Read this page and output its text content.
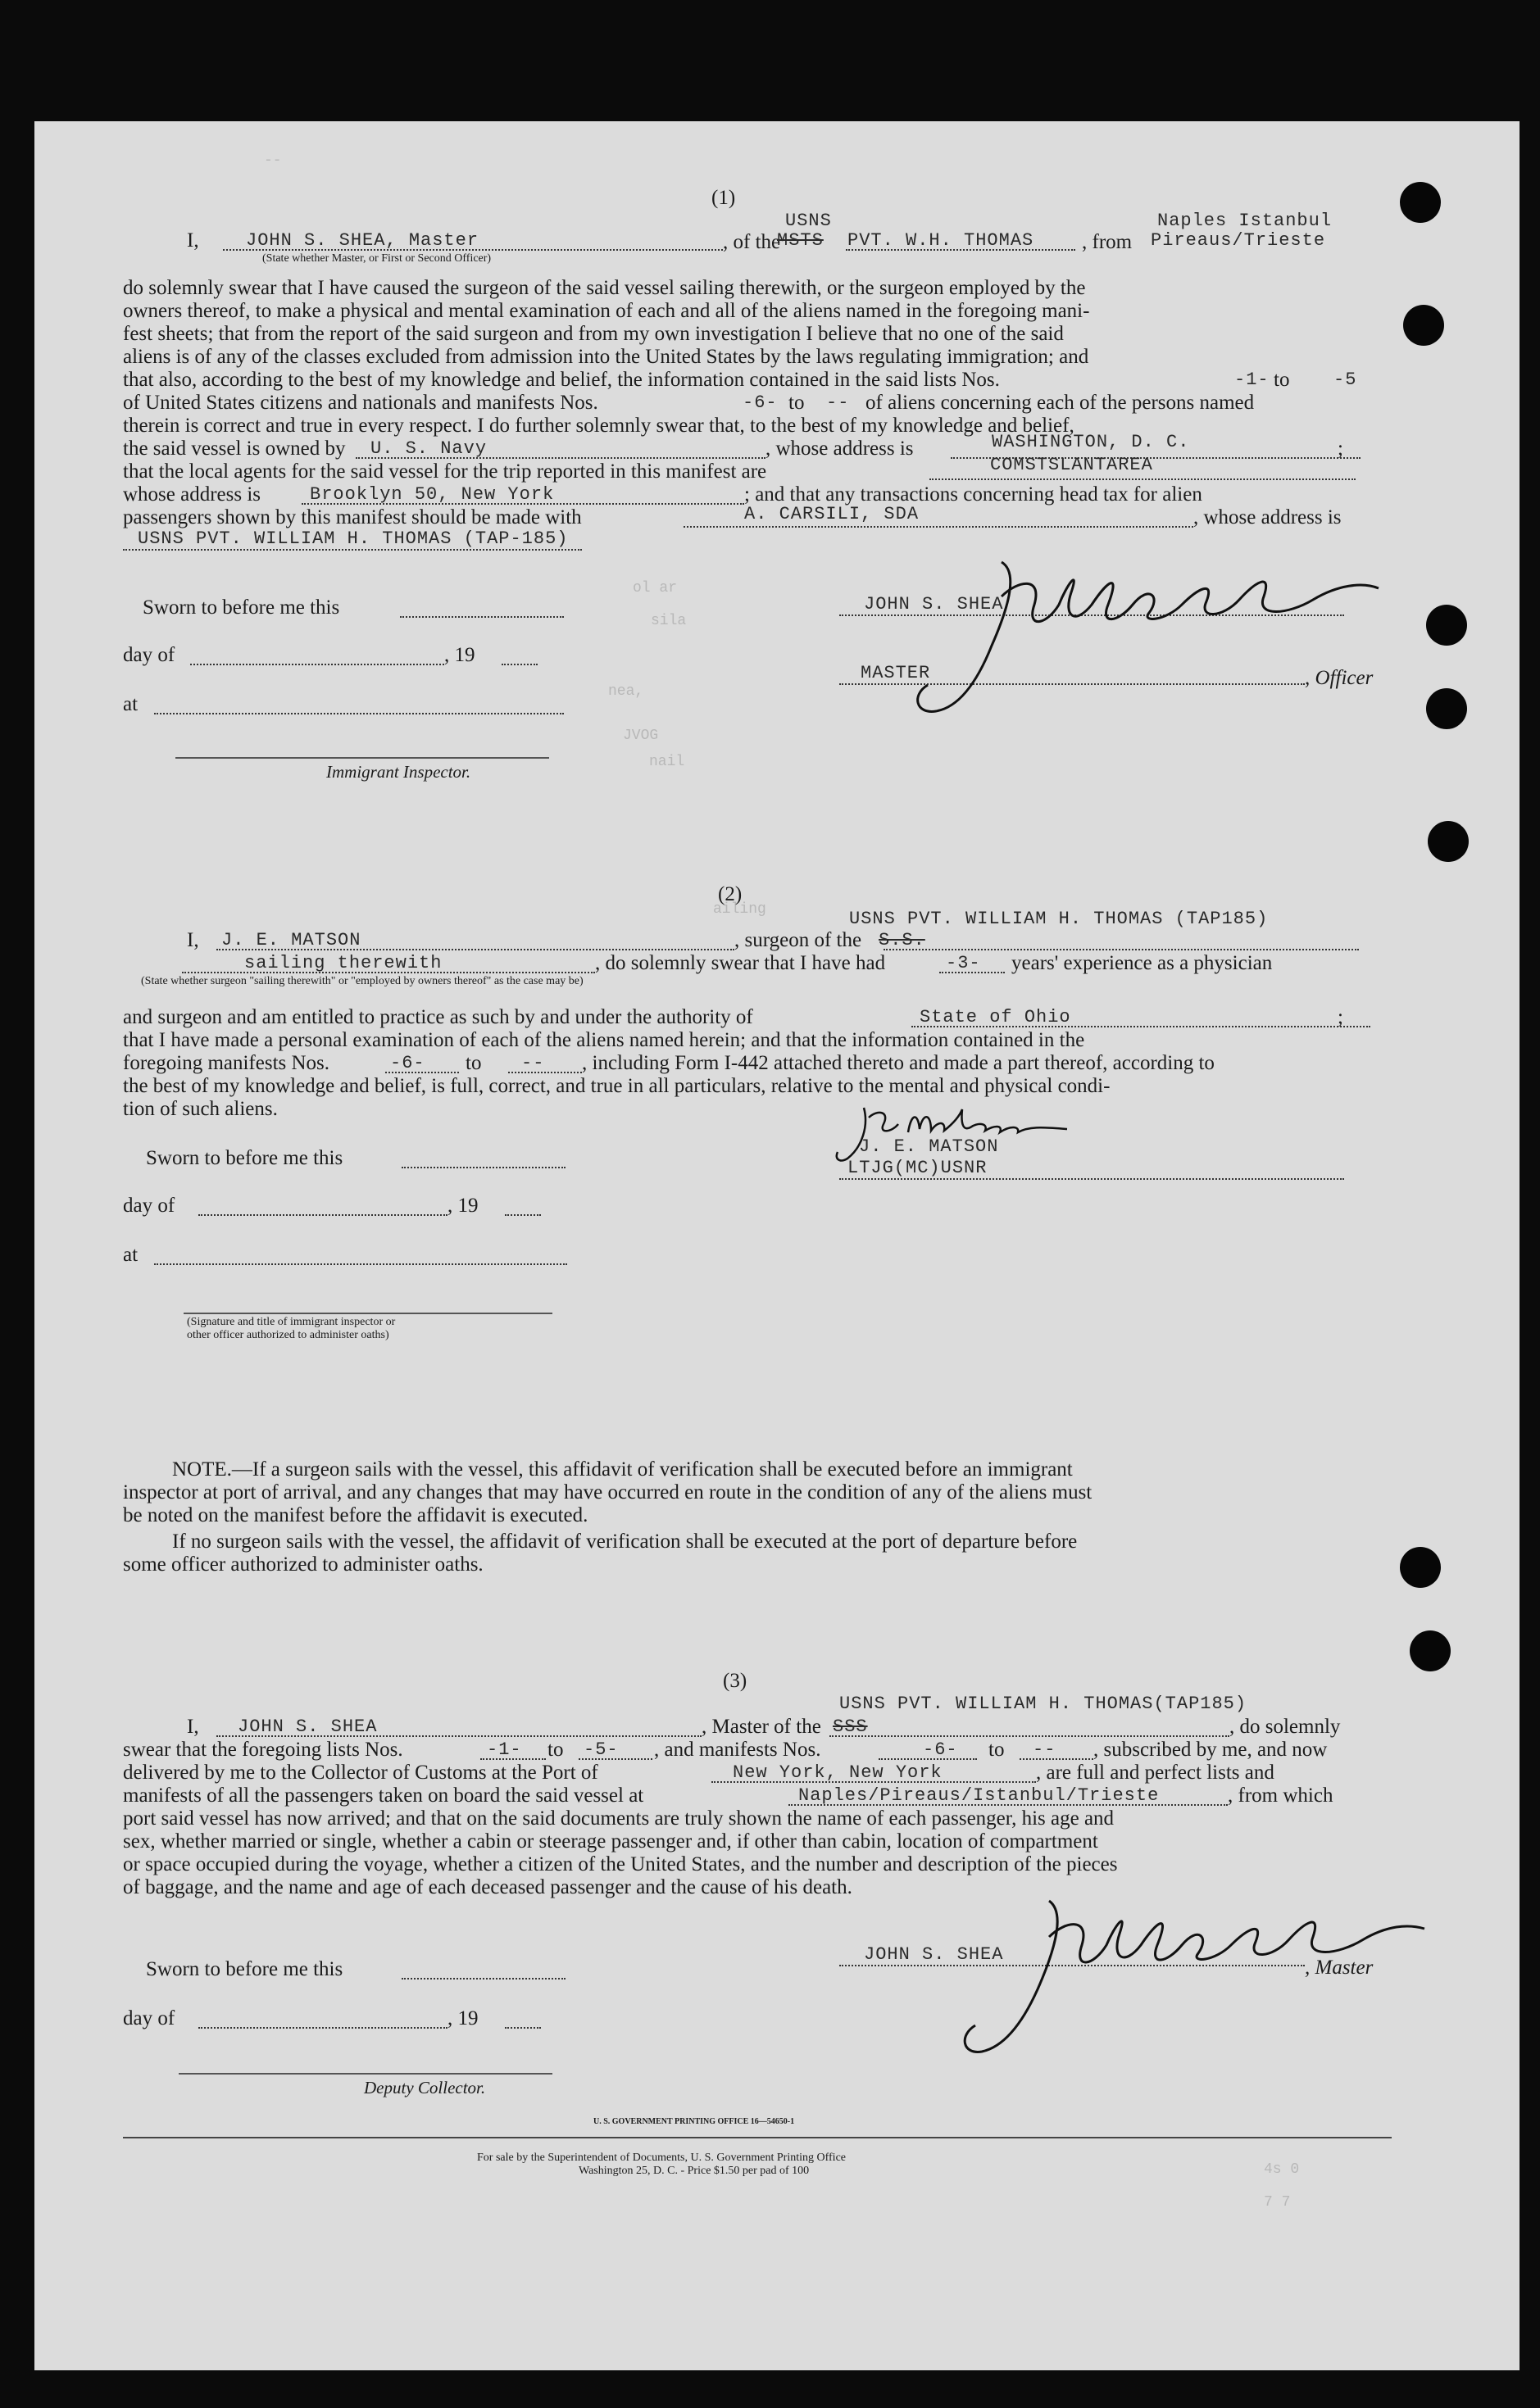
--
(1)
USNS	Naples Istanbul
I,	JOHN S. SHEA, Master	, of the
MSTS PVT. W.H. THOMAS , from Pireaus/Trieste
(State whether Master, or First or Second Officer)
do solemnly swear that I have caused the surgeon of the said vessel sailing therewith, or the surgeon employed by the
owners thereof, to make a physical and mental examination of each and all of the aliens named in the foregoing mani-
fest sheets; that from the report of the said surgeon and from my own investigation I believe that no one of the said
aliens is of any of the classes excluded from admission into the United States by the laws regulating immigration; and
that also, according to the best of my knowledge and belief, the information contained in the said lists Nos.	-1- to -5
of United States citizens and nationals and manifests Nos.	-6- to -- of aliens concerning each of the persons named
therein is correct and true in every respect. I do further solemnly swear that, to the best of my knowledge and belief,
the said vessel is owned by U. S. Navy	, whose address is	WASHINGTON, D. C.	;
that the local agents for the said vessel for the trip reported in this manifest are	COMSTSLANTAREA
whose address is	Brooklyn 50, New York	; and that any transactions concerning head tax for alien
passengers shown by this manifest should be made with	A. CARSILI, SDA	, whose address is
USNS PVT. WILLIAM H. THOMAS (TAP-185)
ol ar
sila
nea,
JVOG
nail
ailing
Sworn to before me this
day of	, 19
at
Immigrant Inspector.
JOHN S. SHEA
MASTER	, Officer
(2)
USNS PVT. WILLIAM H. THOMAS (TAP185)
I, J. E. MATSON	, surgeon of the S.S.
sailing therewith	, do solemnly swear that I have had	-3- years' experience as a physician
(State whether surgeon "sailing therewith" or "employed by owners thereof" as the case may be)
and surgeon and am entitled to practice as such by and under the authority of	State of Ohio	;
that I have made a personal examination of each of the aliens named herein; and that the information contained in the
foregoing manifests Nos.	-6- to -- , including Form I-442 attached thereto and made a part thereof, according to
the best of my knowledge and belief, is full, correct, and true in all particulars, relative to the mental and physical condi-
tion of such aliens.
Sworn to before me this
day of	, 19
at
(Signature and title of immigrant inspector or
other officer authorized to administer oaths)
J. E. MATSON
LTJG(MC)USNR
NOTE.—If a surgeon sails with the vessel, this affidavit of verification shall be executed before an immigrant
inspector at port of arrival, and any changes that may have occurred en route in the condition of any of the aliens must
be noted on the manifest before the affidavit is executed.
If no surgeon sails with the vessel, the affidavit of verification shall be executed at the port of departure before
some officer authorized to administer oaths.
(3)
USNS PVT. WILLIAM H. THOMAS(TAP185)
I, JOHN S. SHEA	, Master of the SSS	, do solemnly
swear that the foregoing lists Nos.	-1- to -5- , and manifests Nos.	-6- to -- , subscribed by me, and now
delivered by me to the Collector of Customs at the Port of	New York, New York	, are full and perfect lists and
manifests of all the passengers taken on board the said vessel at	Naples/Pireaus/Istanbul/Trieste	, from which
port said vessel has now arrived; and that on the said documents are truly shown the name of each passenger, his age and
sex, whether married or single, whether a cabin or steerage passenger and, if other than cabin, location of compartment
or space occupied during the voyage, whether a citizen of the United States, and the number and description of the pieces
of baggage, and the name and age of each deceased passenger and the cause of his death.
Sworn to before me this
day of	, 19
Deputy Collector.
JOHN S. SHEA
, Master
U. S. GOVERNMENT PRINTING OFFICE 16—54650-1
For sale by the Superintendent of Documents, U. S. Government Printing Office
Washington 25, D. C. - Price $1.50 per pad of 100	4s 0
7 7
